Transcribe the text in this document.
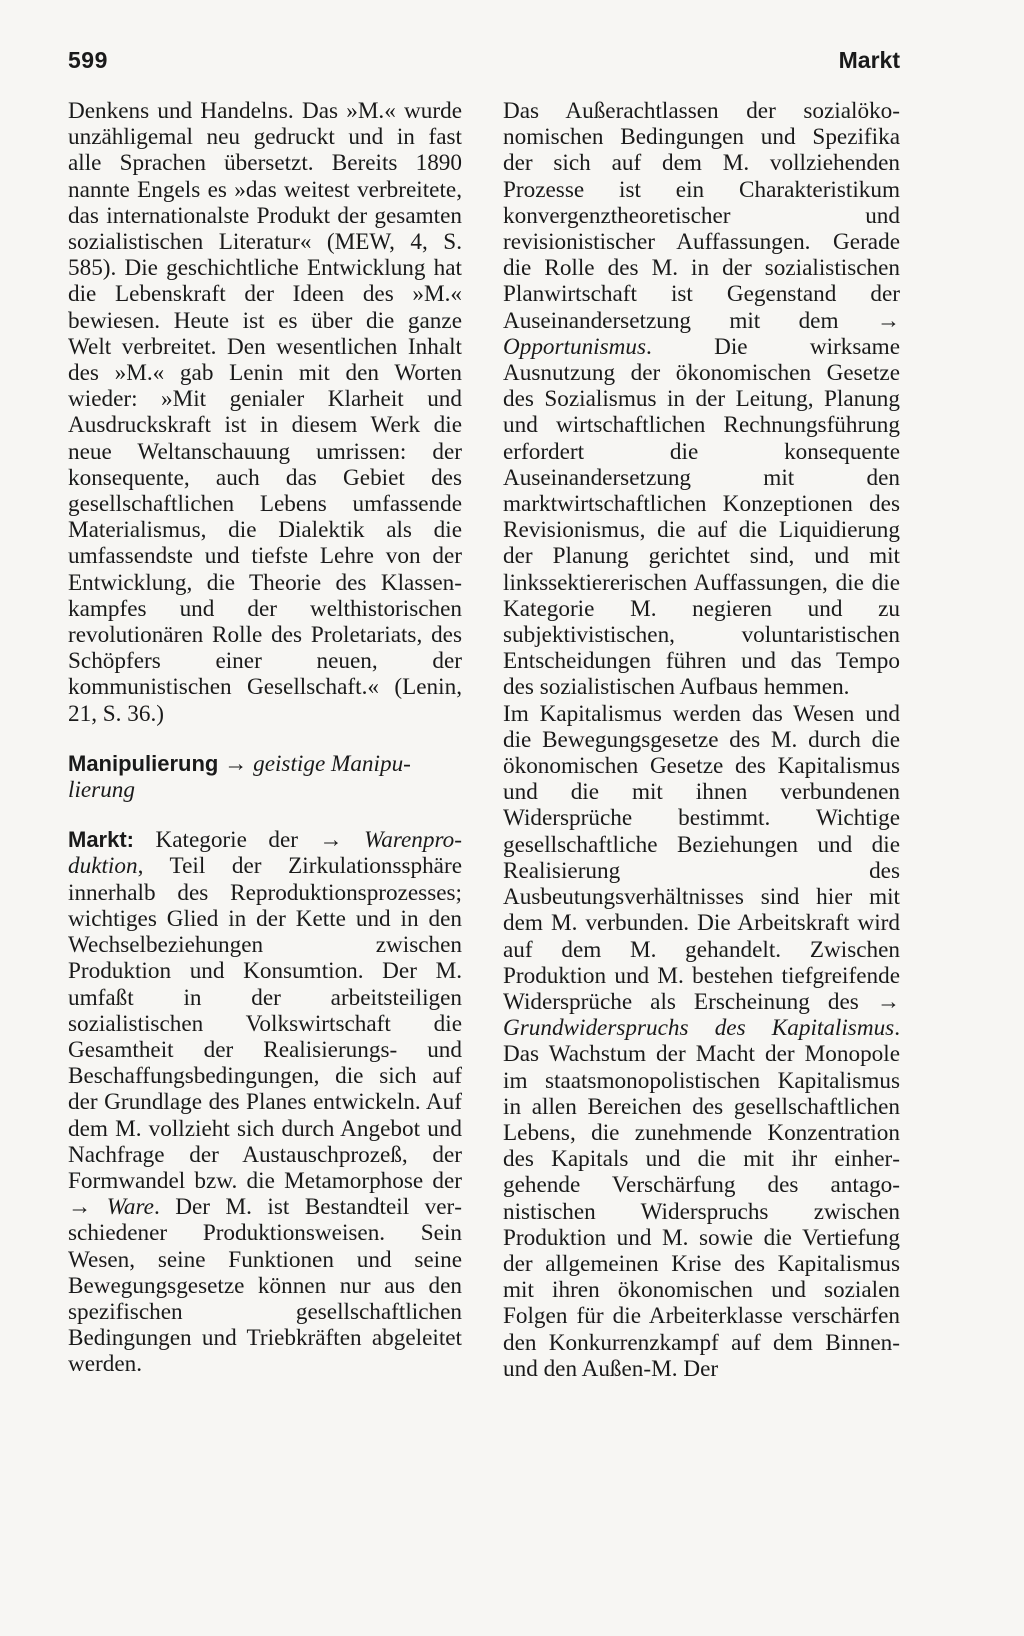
599	Markt

Denkens und Handelns. Das »M.« wurde unzähligemal neu gedruckt und in fast alle Sprachen übersetzt. Bereits 1890 nannte Engels es »das weitest verbreitete, das internationalste Produkt der gesamten sozialistischen Literatur« (MEW, 4, S. 585). Die geschichtliche Entwicklung hat die Lebenskraft der Ideen des »M.« bewiesen. Heute ist es über die ganze Welt verbreitet. Den wesentlichen Inhalt des »M.« gab Lenin mit den Worten wieder: »Mit genialer Klarheit und Ausdruckskraft ist in diesem Werk die neue Weltanschauung umrissen: der konsequente, auch das Gebiet des gesellschaftlichen Lebens umfassende Materialismus, die Dialektik als die umfassendste und tiefste Lehre von der Entwicklung, die Theorie des Klassenkampfes und der welthistorischen revolutionären Rolle des Proletariats, des Schöpfers einer neuen, der kommunistischen Gesellschaft.« (Lenin, 21, S. 36.)

Manipulierung → geistige Manipulierung

Markt: Kategorie der → Warenproduktion, Teil der Zirkulationssphäre innerhalb des Reproduktionsprozesses; wichtiges Glied in der Kette und in den Wechselbeziehungen zwischen Produktion und Konsumtion. Der M. umfaßt in der arbeitsteiligen sozialistischen Volkswirtschaft die Gesamtheit der Realisierungs- und Beschaffungsbedingungen, die sich auf der Grundlage des Planes entwickeln. Auf dem M. vollzieht sich durch Angebot und Nachfrage der Austauschprozeß, der Formwandel bzw. die Metamorphose der → Ware. Der M. ist Bestandteil verschiedener Produktionsweisen. Sein Wesen, seine Funktionen und seine Bewegungsgesetze können nur aus den spezifischen gesellschaftlichen Bedingungen und Triebkräften abgeleitet werden.

Das Außerachtlassen der sozialökonomischen Bedingungen und Spezifika der sich auf dem M. vollziehenden Prozesse ist ein Charakteristikum konvergenztheoretischer und revisionistischer Auffassungen. Gerade die Rolle des M. in der sozialistischen Planwirtschaft ist Gegenstand der Auseinandersetzung mit dem → Opportunismus. Die wirksame Ausnutzung der ökonomischen Gesetze des Sozialismus in der Leitung, Planung und wirtschaftlichen Rechnungsführung erfordert die konsequente Auseinandersetzung mit den marktwirtschaftlichen Konzeptionen des Revisionismus, die auf die Liquidierung der Planung gerichtet sind, und mit linkssektiererischen Auffassungen, die die Kategorie M. negieren und zu subjektivistischen, voluntaristischen Entscheidungen führen und das Tempo des sozialistischen Aufbaus hemmen.

Im Kapitalismus werden das Wesen und die Bewegungsgesetze des M. durch die ökonomischen Gesetze des Kapitalismus und die mit ihnen verbundenen Widersprüche bestimmt. Wichtige gesellschaftliche Beziehungen und die Realisierung des Ausbeutungsverhältnisses sind hier mit dem M. verbunden. Die Arbeitskraft wird auf dem M. gehandelt. Zwischen Produktion und M. bestehen tiefgreifende Widersprüche als Erscheinung des → Grundwiderspruchs des Kapitalismus. Das Wachstum der Macht der Monopole im staatsmonopolistischen Kapitalismus in allen Bereichen des gesellschaftlichen Lebens, die zunehmende Konzentration des Kapitals und die mit ihr einhergehende Verschärfung des antagonistischen Widerspruchs zwischen Produktion und M. sowie die Vertiefung der allgemeinen Krise des Kapitalismus mit ihren ökonomischen und sozialen Folgen für die Arbeiterklasse verschärfen den Konkurrenzkampf auf dem Binnen- und den Außen-M. Der
